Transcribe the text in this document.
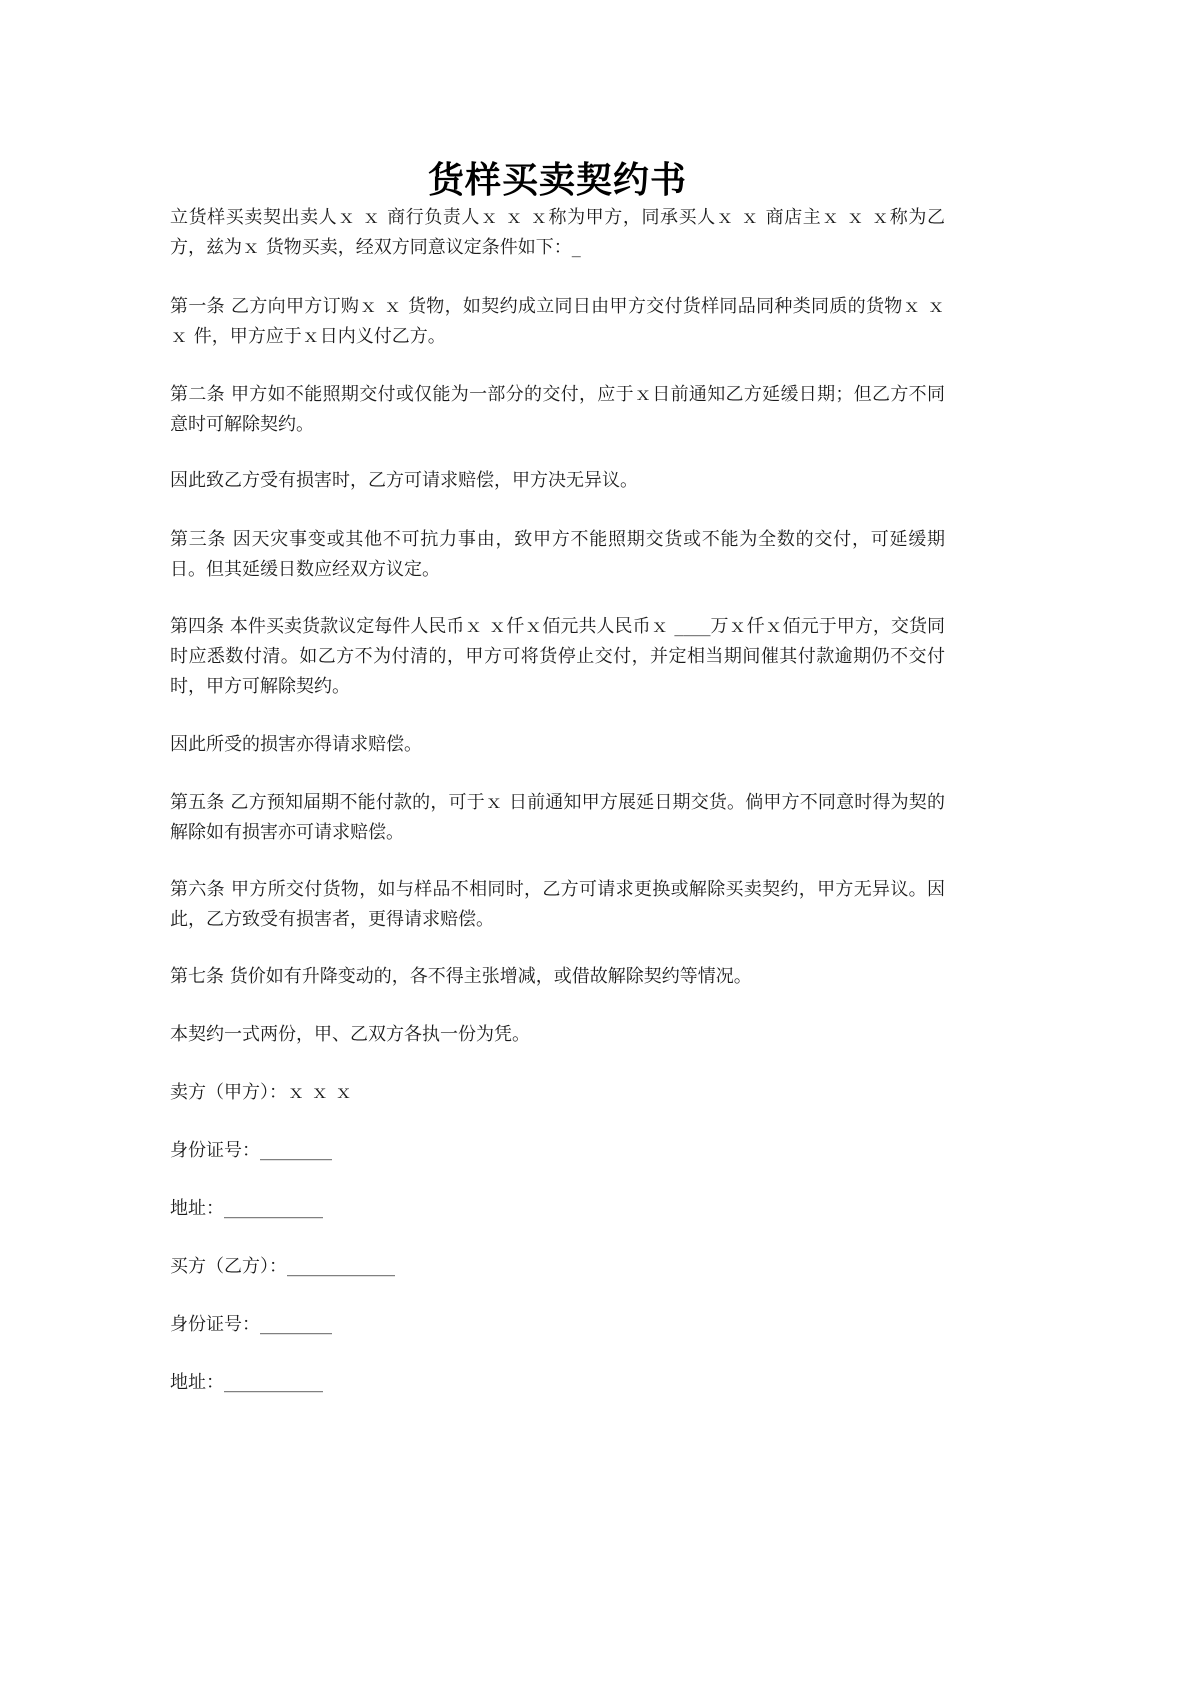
货样买卖契约书
立货样买卖契出卖人ｘ ｘ 商行负责人ｘ ｘ ｘ称为甲方，同承买人ｘ ｘ 商店主ｘ ｘ ｘ称为乙方，兹为ｘ 货物买卖，经双方同意议定条件如下：_
第一条 乙方向甲方订购ｘ ｘ 货物，如契约成立同日由甲方交付货样同品同种类同质的货物ｘ ｘ ｘ 件，甲方应于ｘ日内义付乙方。
第二条 甲方如不能照期交付或仅能为一部分的交付，应于ｘ日前通知乙方延缓日期；但乙方不同意时可解除契约。
因此致乙方受有损害时，乙方可请求赔偿，甲方决无异议。
第三条 因天灾事变或其他不可抗力事由，致甲方不能照期交货或不能为全数的交付，可延缓期日。但其延缓日数应经双方议定。
第四条 本件买卖货款议定每件人民币ｘ ｘ仟ｘ佰元共人民币ｘ ____万ｘ仟ｘ佰元于甲方，交货同时应悉数付清。如乙方不为付清的，甲方可将货停止交付，并定相当期间催其付款逾期仍不交付时，甲方可解除契约。
因此所受的损害亦得请求赔偿。
第五条 乙方预知届期不能付款的，可于ｘ 日前通知甲方展延日期交货。倘甲方不同意时得为契的解除如有损害亦可请求赔偿。
第六条 甲方所交付货物，如与样品不相同时，乙方可请求更换或解除买卖契约，甲方无异议。因此，乙方致受有损害者，更得请求赔偿。
第七条 货价如有升降变动的，各不得主张增减，或借故解除契约等情况。
本契约一式两份，甲、乙双方各执一份为凭。
卖方（甲方）：ｘ ｘ ｘ
身份证号：________
地址：___________
买方（乙方）：____________
身份证号：________
地址：___________
